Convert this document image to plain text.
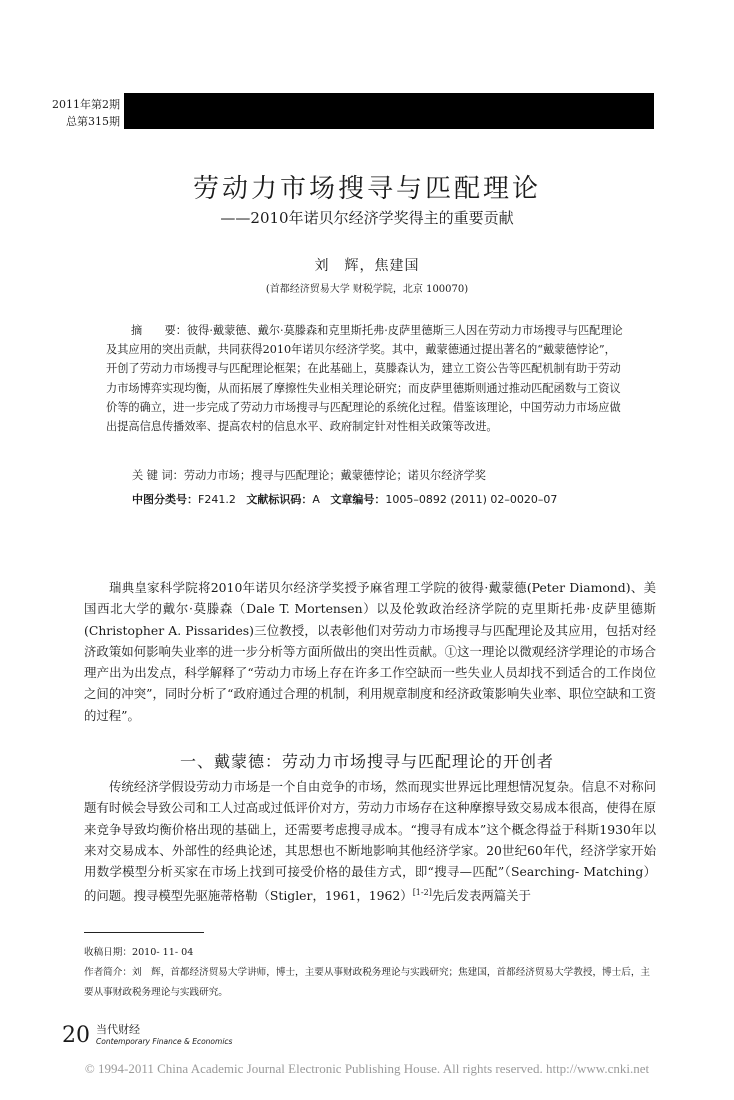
2011年第2期
总第315期
劳动力市场搜寻与匹配理论
——2010年诺贝尔经济学奖得主的重要贡献
刘　辉，焦建国
(首都经济贸易大学 财税学院，北京 100070)
摘　　要：彼得·戴蒙德、戴尔·莫滕森和克里斯托弗·皮萨里德斯三人因在劳动力市场搜寻与匹配理论及其应用的突出贡献，共同获得2010年诺贝尔经济学奖。其中，戴蒙德通过提出著名的“戴蒙德悖论”，开创了劳动力市场搜寻与匹配理论框架；在此基础上，莫滕森认为，建立工资公告等匹配机制有助于劳动力市场博弈实现均衡，从而拓展了摩擦性失业相关理论研究；而皮萨里德斯则通过推动匹配函数与工资议价等的确立，进一步完成了劳动力市场搜寻与匹配理论的系统化过程。借鉴该理论，中国劳动力市场应做出提高信息传播效率、提高农村的信息水平、政府制定针对性相关政策等改进。
关 键 词：劳动力市场；搜寻与匹配理论；戴蒙德悖论；诺贝尔经济学奖
中图分类号：F241.2 文献标识码：A 文章编号：1005–0892 (2011) 02–0020–07
瑞典皇家科学院将2010年诺贝尔经济学奖授予麻省理工学院的彼得·戴蒙德(Peter Diamond)、美国西北大学的戴尔·莫滕森（Dale T. Mortensen）以及伦敦政治经济学院的克里斯托弗·皮萨里德斯(Christopher A. Pissarides)三位教授，以表彰他们对劳动力市场搜寻与匹配理论及其应用，包括对经济政策如何影响失业率的进一步分析等方面所做出的突出性贡献。①这一理论以微观经济学理论的市场合理产出为出发点，科学解释了“劳动力市场上存在许多工作空缺而一些失业人员却找不到适合的工作岗位之间的冲突”，同时分析了“政府通过合理的机制，利用规章制度和经济政策影响失业率、职位空缺和工资的过程”。
一、戴蒙德：劳动力市场搜寻与匹配理论的开创者
传统经济学假设劳动力市场是一个自由竞争的市场，然而现实世界远比理想情况复杂。信息不对称问题有时候会导致公司和工人过高或过低评价对方，劳动力市场存在这种摩擦导致交易成本很高，使得在原来竞争导致均衡价格出现的基础上，还需要考虑搜寻成本。“搜寻有成本”这个概念得益于科斯1930年以来对交易成本、外部性的经典论述，其思想也不断地影响其他经济学家。20世纪60年代，经济学家开始用数学模型分析买家在市场上找到可接受价格的最佳方式，即“搜寻—匹配”（Searching- Matching）的问题。搜寻模型先驱施蒂格勒（Stigler，1961，1962）[1-2]先后发表两篇关于
收稿日期：2010- 11- 04
作者简介：刘　辉，首都经济贸易大学讲师，博士，主要从事财政税务理论与实践研究；焦建国，首都经济贸易大学教授，博士后，主要从事财政税务理论与实践研究。
20 当代财经
Contemporary Finance & Economics
© 1994-2011 China Academic Journal Electronic Publishing House. All rights reserved. http://www.cnki.net
